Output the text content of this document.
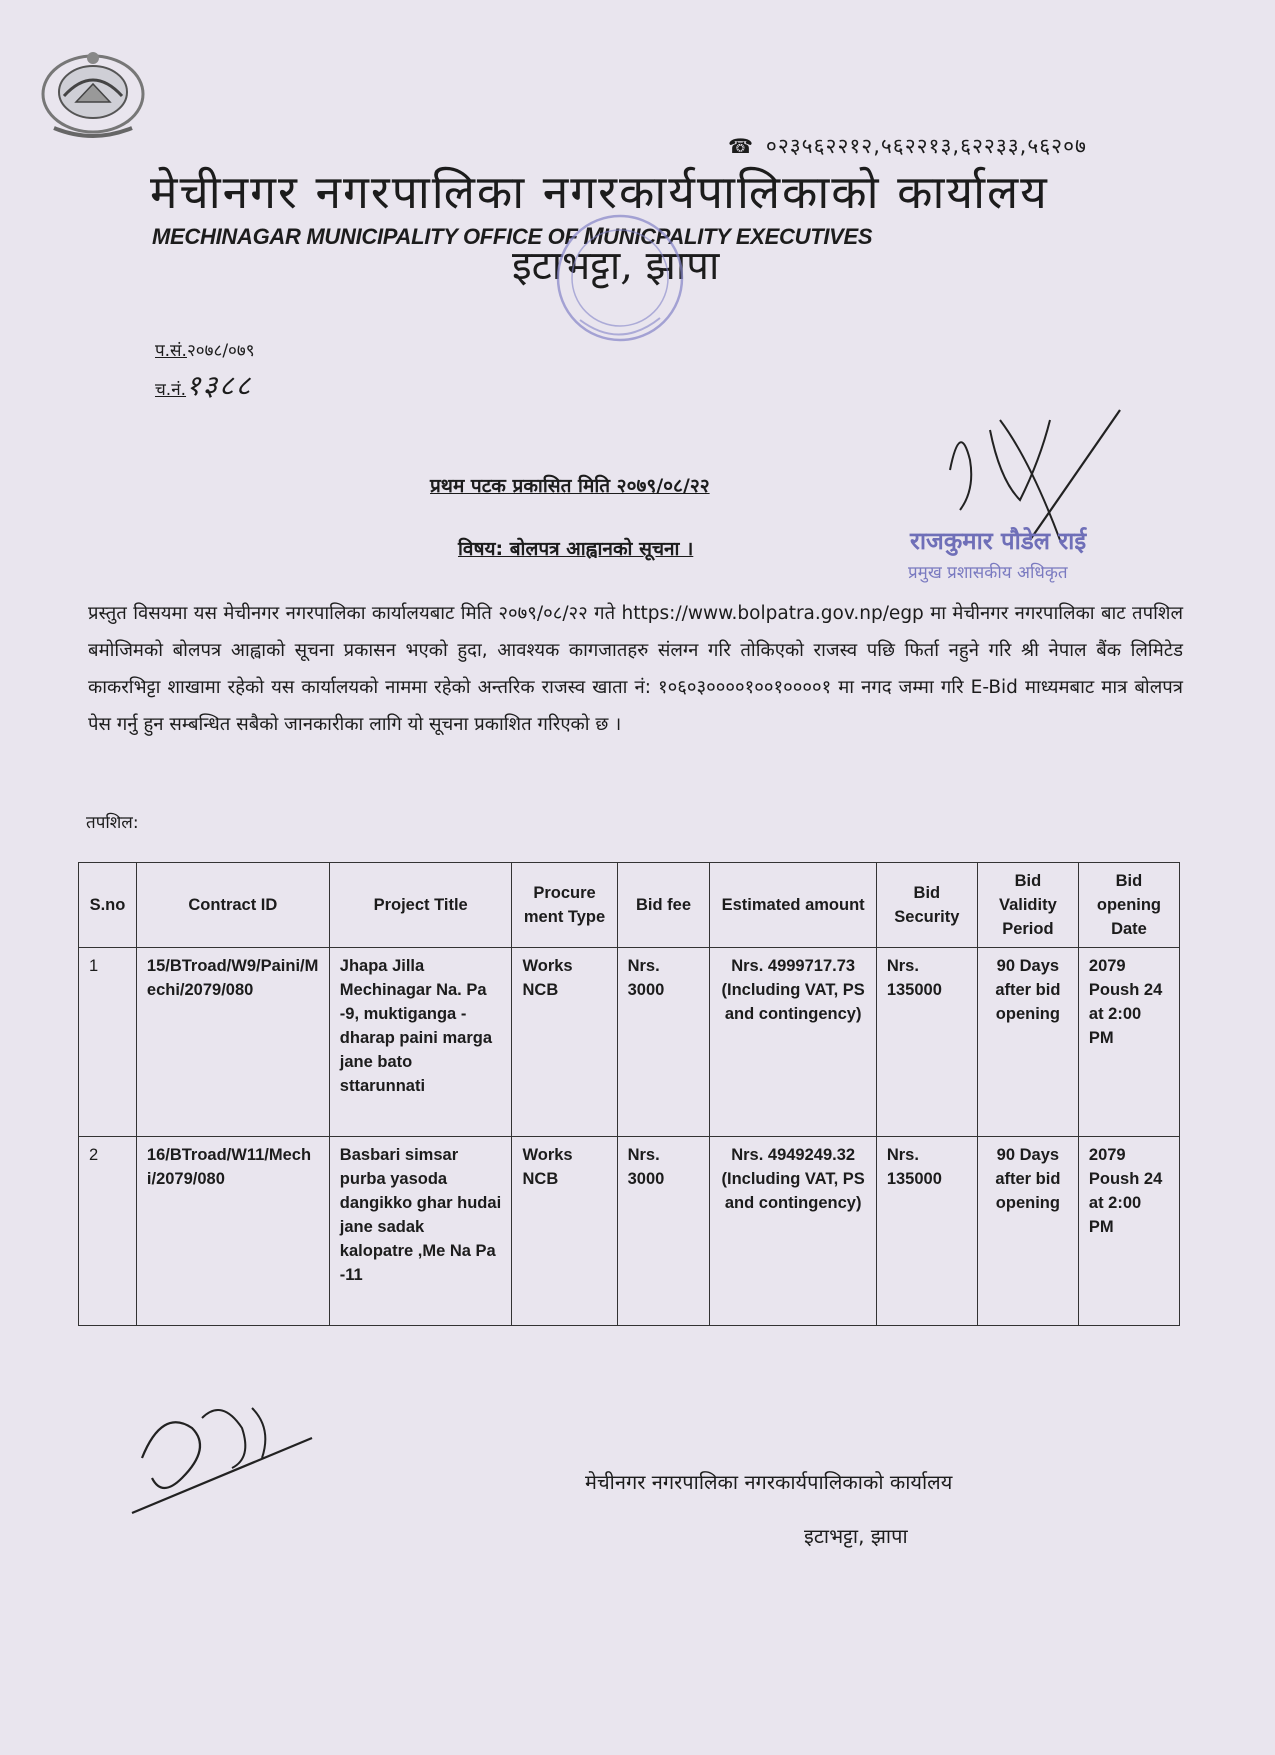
☎ ०२३५६२२१२,५६२२१३,६२२३३,५६२०७
मेचीनगर नगरपालिका नगरकार्यपालिकाको कार्यालय
MECHINAGAR MUNICIPALITY OFFICE OF MUNICPALITY EXECUTIVES
इटाभट्टा, झापा
प.सं.२०७८/०७९
च.नं.१३८८
राजकुमार पौडेल राई
प्रमुख प्रशासकीय अधिकृत
प्रथम पटक प्रकासित मिति २०७९/०८/२२
विषय: बोलपत्र आह्वानको सूचना ।
प्रस्तुत विसयमा यस मेचीनगर नगरपालिका कार्यालयबाट मिति २०७९/०८/२२ गते https://www.bolpatra.gov.np/egp मा मेचीनगर नगरपालिका बाट तपशिल बमोजिमको बोलपत्र आह्वाको सूचना प्रकासन भएको हुदा, आवश्यक कागजातहरु संलग्न गरि तोकिएको राजस्व पछि फिर्ता नहुने गरि श्री नेपाल बैंक लिमिटेड काकरभिट्टा शाखामा रहेको यस कार्यालयको नाममा रहेको अन्तरिक राजस्व खाता नं: १०६०३००००१००१००००१ मा नगद जम्मा गरि E-Bid माध्यमबाट मात्र बोलपत्र पेस गर्नु हुन सम्बन्धित सबैको जानकारीका लागि यो सूचना प्रकाशित गरिएको छ ।
तपशिल:
S.no	Contract ID	Project Title	Procure ment Type	Bid fee	Estimated amount	Bid Security	Bid Validity Period	Bid opening Date
1	15/BTroad/W9/Paini/Mechi/2079/080	Jhapa Jilla Mechinagar Na. Pa -9, muktiganga - dharap paini marga jane bato sttarunnati	Works NCB	Nrs. 3000	Nrs. 4999717.73 (Including VAT, PS and contingency)	Nrs. 135000	90 Days after bid opening	2079 Poush 24 at 2:00 PM
2	16/BTroad/W11/Mechi/2079/080	Basbari simsar purba yasoda dangikko ghar hudai jane sadak kalopatre ,Me Na Pa -11	Works NCB	Nrs. 3000	Nrs. 4949249.32 (Including VAT, PS and contingency)	Nrs. 135000	90 Days after bid opening	2079 Poush 24 at 2:00 PM
मेचीनगर नगरपालिका नगरकार्यपालिकाको कार्यालय
इटाभट्टा, झापा
